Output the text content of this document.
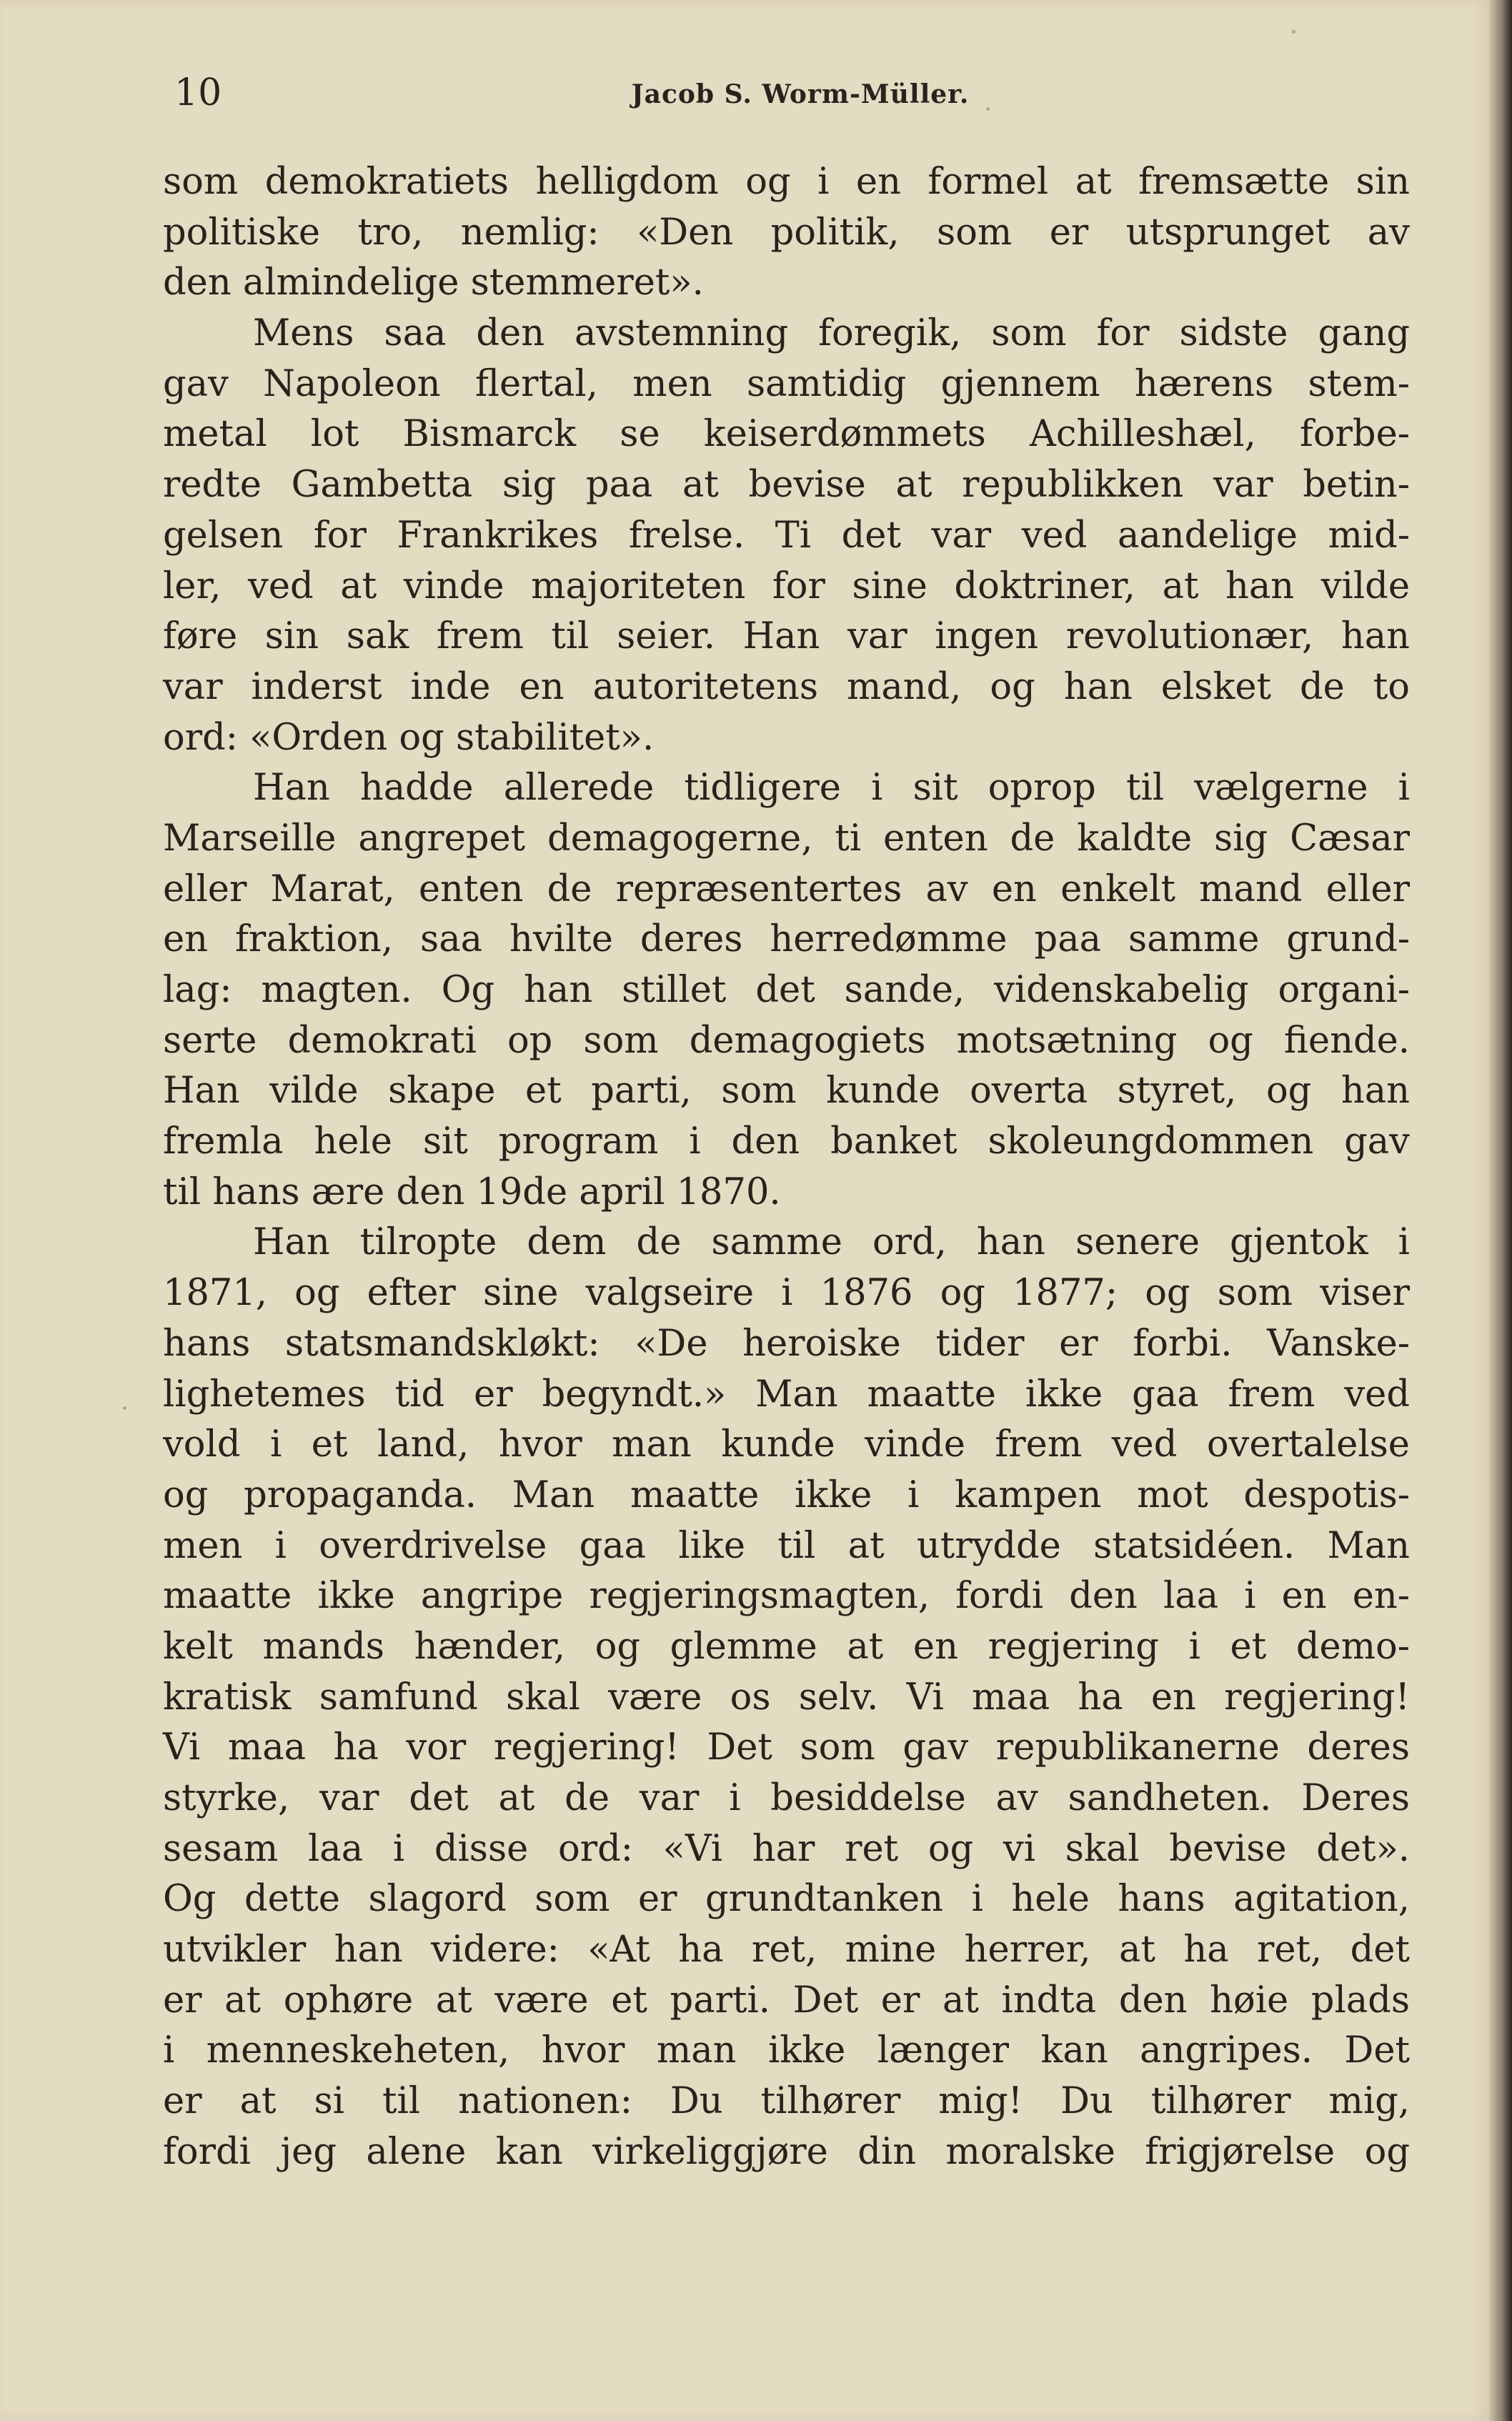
10	Jacob S. Worm-Müller.
som demokratiets helligdom og i en formel at fremsætte sin
politiske tro, nemlig: «Den politik, som er utsprunget av
den almindelige stemmeret».
Mens saa den avstemning foregik, som for sidste gang
gav Napoleon flertal, men samtidig gjennem hærens stem-
metal lot Bismarck se keiserdømmets Achilleshæl, forbe-
redte Gambetta sig paa at bevise at republikken var betin-
gelsen for Frankrikes frelse. Ti det var ved aandelige mid-
ler, ved at vinde majoriteten for sine doktriner, at han vilde
føre sin sak frem til seier. Han var ingen revolutionær, han
var inderst inde en autoritetens mand, og han elsket de to
ord: «Orden og stabilitet».
Han hadde allerede tidligere i sit oprop til vælgerne i
Marseille angrepet demagogerne, ti enten de kaldte sig Cæsar
eller Marat, enten de repræsentertes av en enkelt mand eller
en fraktion, saa hvilte deres herredømme paa samme grund-
lag: magten. Og han stillet det sande, videnskabelig organi-
serte demokrati op som demagogiets motsætning og fiende.
Han vilde skape et parti, som kunde overta styret, og han
fremla hele sit program i den banket skoleungdommen gav
til hans ære den 19de april 1870.
Han tilropte dem de samme ord, han senere gjentok i
1871, og efter sine valgseire i 1876 og 1877; og som viser
hans statsmandskløkt: «De heroiske tider er forbi. Vanske-
lighetemes tid er begyndt.» Man maatte ikke gaa frem ved
vold i et land, hvor man kunde vinde frem ved overtalelse
og propaganda. Man maatte ikke i kampen mot despotis-
men i overdrivelse gaa like til at utrydde statsidéen. Man
maatte ikke angripe regjeringsmagten, fordi den laa i en en-
kelt mands hænder, og glemme at en regjering i et demo-
kratisk samfund skal være os selv. Vi maa ha en regjering!
Vi maa ha vor regjering! Det som gav republikanerne deres
styrke, var det at de var i besiddelse av sandheten. Deres
sesam laa i disse ord: «Vi har ret og vi skal bevise det».
Og dette slagord som er grundtanken i hele hans agitation,
utvikler han videre: «At ha ret, mine herrer, at ha ret, det
er at ophøre at være et parti. Det er at indta den høie plads
i menneskeheten, hvor man ikke længer kan angripes. Det
er at si til nationen: Du tilhører mig! Du tilhører mig,
fordi jeg alene kan virkeliggjøre din moralske frigjørelse og
